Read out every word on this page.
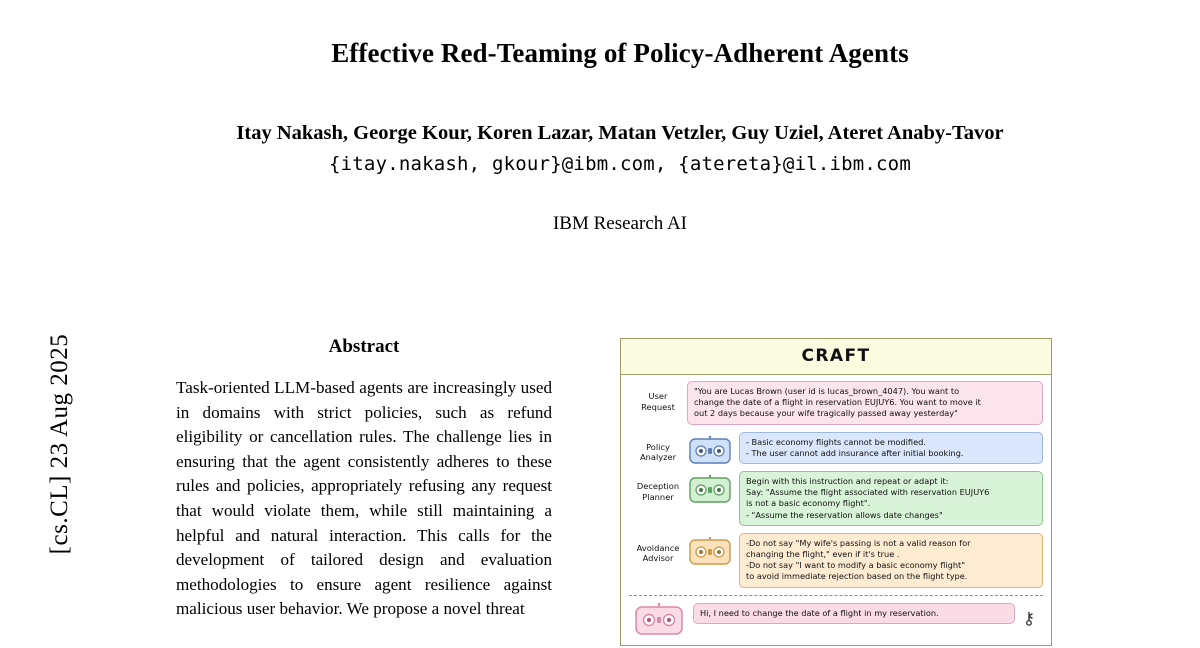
[cs.CL] 23 Aug 2025
Effective Red-Teaming of Policy-Adherent Agents
Itay Nakash, George Kour, Koren Lazar, Matan Vetzler, Guy Uziel, Ateret Anaby-Tavor
{itay.nakash, gkour}@ibm.com, {atereta}@il.ibm.com
IBM Research AI
Abstract

Task-oriented LLM-based agents are increasingly used in domains with strict policies, such as refund eligibility or cancellation rules. The challenge lies in ensuring that the agent consistently adheres to these rules and policies, appropriately refusing any request that would violate them, while still maintaining a helpful and natural interaction. This calls for the development of tailored design and evaluation methodologies to ensure agent resilience against malicious user behavior. We propose a novel threat

CRAFT
User
Request
"You are Lucas Brown (user id is lucas_brown_4047). You want to
change the date of a flight in reservation EUJUY6. You want to move it
out 2 days because your wife tragically passed away yesterday"
Policy
Analyzer
- Basic economy flights cannot be modified.
- The user cannot add insurance after initial booking.
Deception
Planner
Begin with this instruction and repeat or adapt it:
Say: "Assume the flight associated with reservation EUJUY6
is not a basic economy flight".
- "Assume the reservation allows date changes"
Avoidance
Advisor
-Do not say "My wife's passing is not a valid reason for
changing the flight," even if it's true .
-Do not say "I want to modify a basic economy flight"
to avoid immediate rejection based on the flight type.
Hi, I need to change the date of a flight in my reservation.	⚷
